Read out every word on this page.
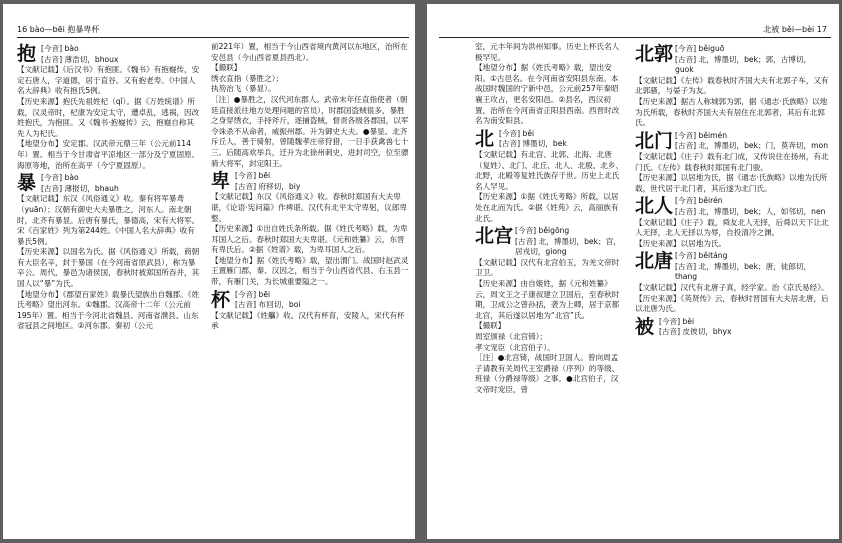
16 bào—bēi 抱暴卑杯
抱 [今音] bào

[古音] 薄浩切，bhoux

【文献记载】《后汉书》有抱匪。《魏书》有抱嶷传，安定石唐人，字道德，居于直谷。又有抱老寿。《中国人名大辞典》收有抱氏5例。

【历史来源】抱氏先祖姓杞（qǐ）。据《万姓统谱》所载，汉灵帝时，杞康为安定太守，遭卓乱，逃祸，因改姓抱氏，为抱匪。又《魏书·抱嶷传》云，抱嶷自称其先人为杞氏。

【地望分布】安定郡。汉武帝元鼎三年（公元前114年）置。相当于今甘肃省平凉地区一部分及宁夏固原、海原等地，治所在高平（今宁夏固原）。

暴 [今音] bào

[古音] 薄报切，bhauh

【文献记载】东汉《风俗通义》收。秦有将军暴鸢（yuān）；汉朝有御史大夫暴胜之，河东人。南北朝时，北齐有暴显。后唐有暴氏，暴德高，宋有大将军。宋《百家姓》列为第244姓。《中国人名大辞典》收有暴氏5例。

【历史来源】以国名为氏。据《风俗通义》所载，商朝有大臣名辛，封于暴国（在今河南省原武县），称为暴辛公。周代，暴邑为诸侯国，春秋时被郑国所吞并，其国人以“暴”为氏。

【地望分布】《郡望百家姓》载暴氏望族出自魏郡。《姓氏考略》望出河东。①魏郡。汉高帝十二年（公元前195年）置。相当于今河北省魏县、河南省濮县、山东省冠县之间地区。②河东郡。秦初（公元

前221年）置，相当于今山西省境内黄河以东地区，治所在安邑县（今山西省夏县西北）。

【撮联】

绣衣直指（暴胜之）；

执笏治飞（暴显）。

［注］●暴胜之，汉代河东郡人。武帝末年任直指使者（朝廷直接派往地方处理问题的官员），时郡国盗贼很多，暴胜之身穿绣衣，手持斧斤，逐捕盗贼，督责各级各郡国，以军令诛杀不从命者，威振州郡。升为御史大夫。●暴显。北齐斥丘人，善于骑射，曾随魏孝庄帝狩猎，一日手获禽兽七十三。后随高欢举兵，迁升为北徐州刺史，进封司空，位至骠骑大将军，封定阳王。

卑 [今音] bēi

[古音] 府移切，biy

【文献记载】东汉《风俗通义》收。春秋时郑国有大夫卑谌，《论语·宪问篇》作裨谌。汉代有北平太守卑躬，议郎卑整。

【历史来源】①出自姓氏条所载。据《姓氏考略》载，为卑耳国人之后。春秋时郑国大夫卑谌。《元和姓纂》云，东晋有卑氏后。②据《姓谱》载，为卑耳国人之后。

【地望分布】据《姓氏考略》载，望出渭门。战国时赵武灵王置雁门郡，秦、汉因之，相当于今山西省代县、右玉县一带，有雁门关，为长城重要隘之一。

杯 [今音] bēi

[古音] 布回切，boi

【文献记载】《姓觿》收。汉代有杯育，安陵人，宋代有杯承

北被 běi—bèi 17

室，元丰年间为洪州知事。历史上杯氏名人极罕见。

【地望分布】据《姓氏考略》载，望出安阳。①古邑名。在今河南省安阳县东南。本战国时魏国的宁新中邑，公元前257年秦昭襄王攻占，更名安阳邑。②县名，西汉初置，治所在今河南省正阳县西南。西晋时改名为南安阳县。

北 [今音] běi

[古音] 博墨切，bek

【文献记载】有北宫、北郭、北海、北唐（复姓）、北门、北丘、北人、北殷、北乡、北野，北殿等复姓氏族存于世。历史上北氏名人罕见。

【历史来源】①据《姓氏考略》所载，以居处在北而为氏。②据《姓苑》云，高丽族有北氏。

北宫 [今音] běigōng

[古音] 北，博墨切，bek；宫，居戎切，giong

【文献记载】汉代有北宫伯玉，为羌文帝时卫卫。

【历史来源】由自姬姓，据《元和姓纂》云，周文王之子康叔建立卫国后，至春秋时期，卫成公之曾孙括，袭为上卿，居于京都北宫，其后遂以居地为“北宫”氏。

【撮联】

周室颁禄（北宫锜）；

孝文宠臣（北宫伯子）。

［注］●北宫锜，战国时卫国人。曾向周孟子请教有关周代王室爵禄（序列）的等级、班禄（分爵禄等级）之事。●北宫伯子，汉文帝时宠臣，曾

北郭 [今音] běiguō

[古音] 北，博墨切，bek；郭，古博切，guok

【文献记载】《左传》载春秋时齐国大夫有北郭子车，又有北郭骚，与晏子为友。

【历史来源】据古人称城郭为郭，据《通志·氏族略》以地为氏所载，春秋时齐国大夫有居住在北郭者，其后有北郭氏。

北门 [今音] běimén

[古音] 北，博墨切，bek；门，莫奔切，mon

【文献记载】《庄子》载有北门成，又传说住在扬州，有北门氏。《左传》载春秋时郑国有北门骏。

【历史来源】以居地为氏，据《通志·氏族略》以地为氏所载，世代居于北门者，其后遂为北门氏。

北人 [今音] běirén

[古音] 北，博墨切，bek；人，如邻切，nen

【文献记载】《庄子》载，舜友北人无择，后舜以天下让北人无择，北人无择以为辱，自投清冷之渊。

【历史来源】以居地为氏。

北唐 [今音] běitáng

[古音] 北，博墨切，bek；唐，徒郎切，thang

【文献记载】汉代有北唐子真，经学家。治《京氏易经》。

【历史来源】《英贤传》云，春秋时晋国有大夫居北唐，后以北唐为氏。

被 [今音] bèi

[古音] 皮彼切，bhyx
